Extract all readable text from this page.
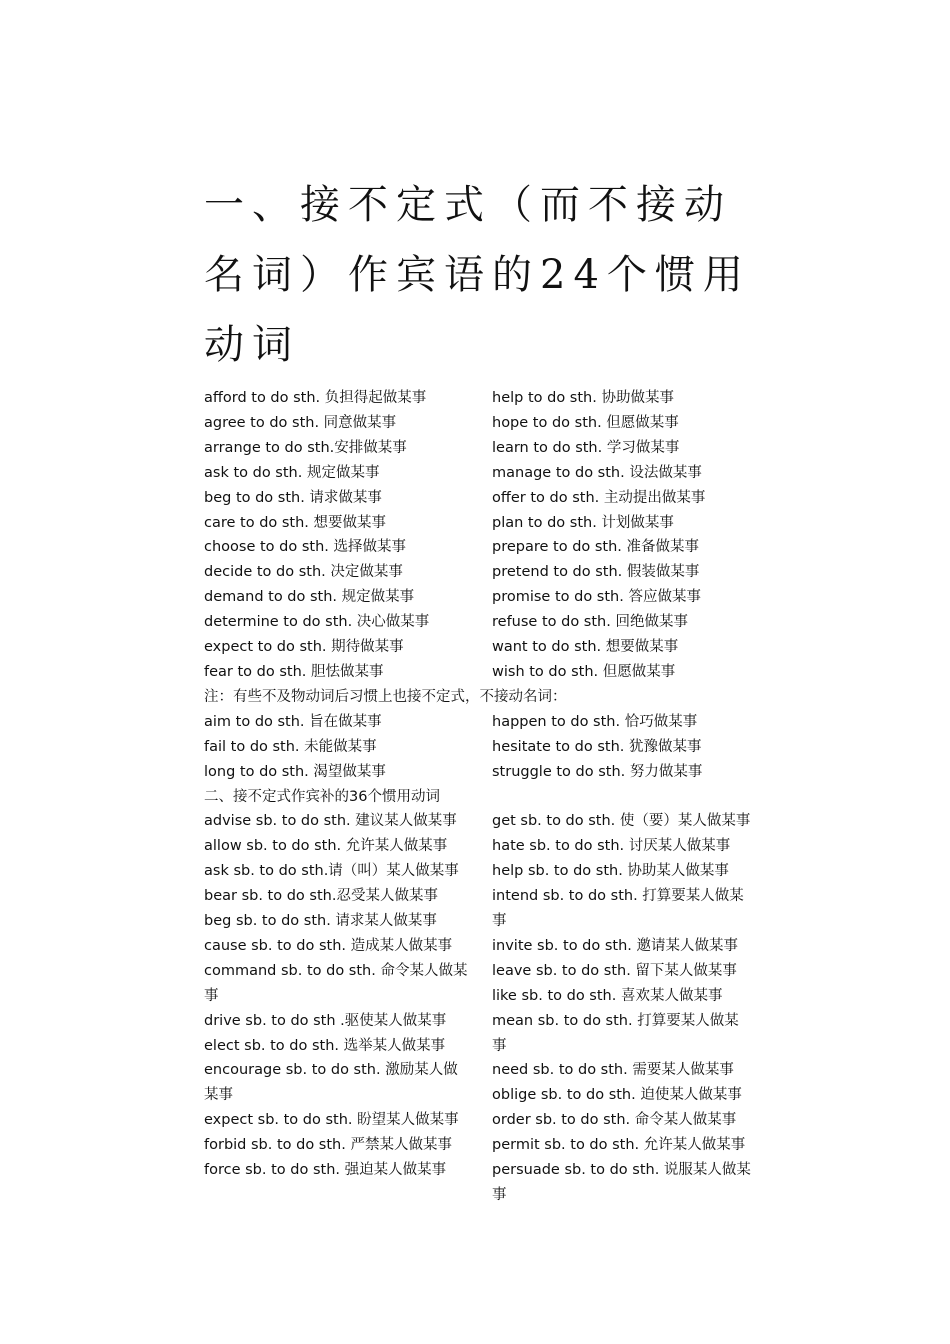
一、接不定式（而不接动名词）作宾语的24个惯用动词
afford to do sth. 负担得起做某事
agree to do sth. 同意做某事
arrange to do sth.安排做某事
ask to do sth. 规定做某事
beg to do sth. 请求做某事
care to do sth. 想要做某事
choose to do sth. 选择做某事
decide to do sth. 决定做某事
demand to do sth. 规定做某事
determine to do sth. 决心做某事
expect to do sth. 期待做某事
fear to do sth. 胆怯做某事
help to do sth. 协助做某事
hope to do sth. 但愿做某事
learn to do sth. 学习做某事
manage to do sth. 设法做某事
offer to do sth. 主动提出做某事
plan to do sth. 计划做某事
prepare to do sth. 准备做某事
pretend to do sth. 假装做某事
promise to do sth. 答应做某事
refuse to do sth. 回绝做某事
want to do sth. 想要做某事
wish to do sth. 但愿做某事
注：有些不及物动词后习惯上也接不定式，不接动名词：
aim to do sth. 旨在做某事
fail to do sth. 未能做某事
long to do sth. 渴望做某事
happen to do sth. 恰巧做某事
hesitate to do sth. 犹豫做某事
struggle to do sth. 努力做某事
二、接不定式作宾补的36个惯用动词
advise sb. to do sth. 建议某人做某事
allow sb. to do sth. 允许某人做某事
ask sb. to do sth.请（叫）某人做某事
bear sb. to do sth.忍受某人做某事
beg sb. to do sth. 请求某人做某事
cause sb. to do sth. 造成某人做某事
command sb. to do sth. 命令某人做某事
drive sb. to do sth .驱使某人做某事
elect sb. to do sth. 选举某人做某事
encourage sb. to do sth. 激励某人做某事
expect sb. to do sth. 盼望某人做某事
forbid sb. to do sth. 严禁某人做某事
force sb. to do sth. 强迫某人做某事
get sb. to do sth. 使（要）某人做某事
hate sb. to do sth. 讨厌某人做某事
help sb. to do sth. 协助某人做某事
intend sb. to do sth. 打算要某人做某事
invite sb. to do sth. 邀请某人做某事
leave sb. to do sth. 留下某人做某事
like sb. to do sth. 喜欢某人做某事
mean sb. to do sth. 打算要某人做某事
need sb. to do sth. 需要某人做某事
oblige sb. to do sth. 迫使某人做某事
order sb. to do sth. 命令某人做某事
permit sb. to do sth. 允许某人做某事
persuade sb. to do sth. 说服某人做某事
